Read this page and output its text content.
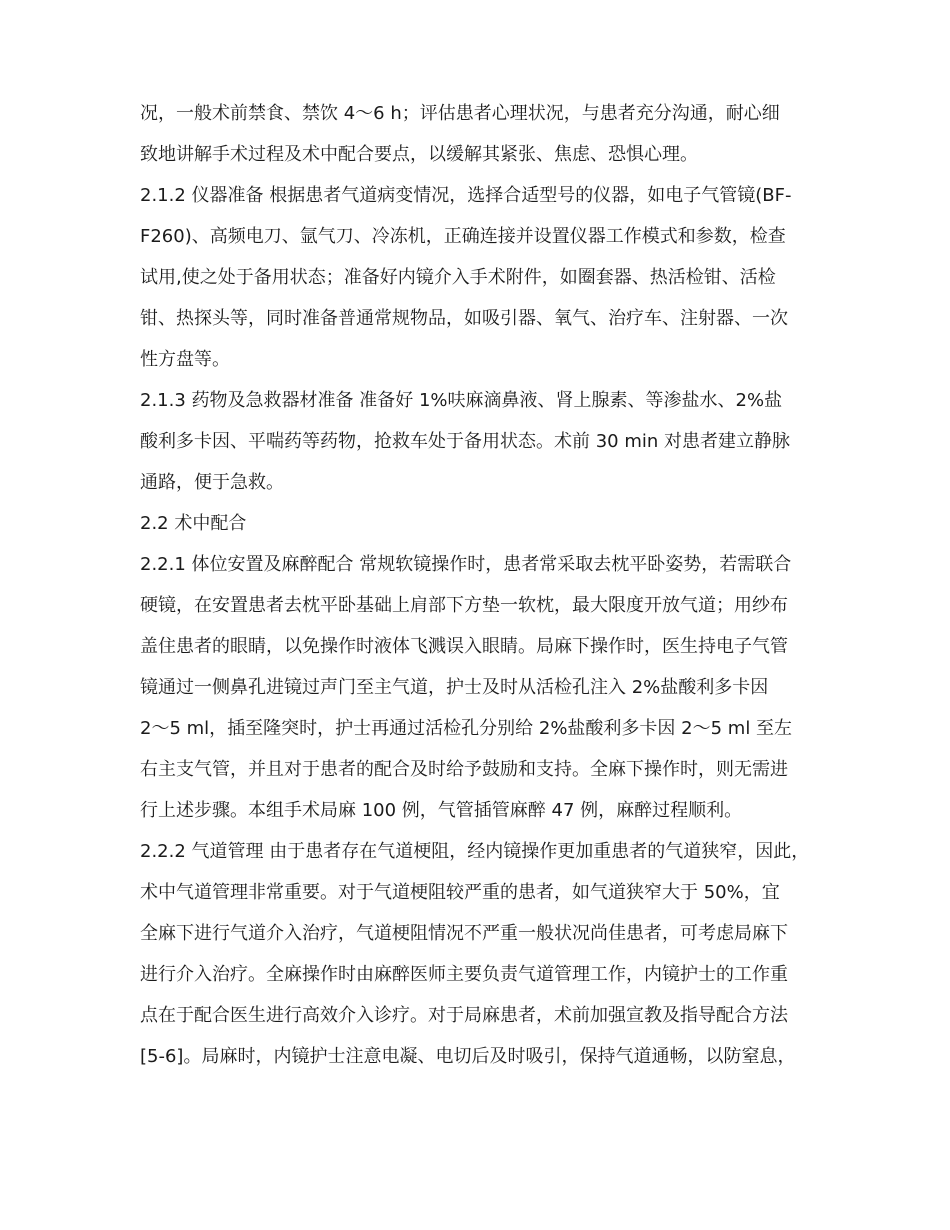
况，一般术前禁食、禁饮 4～6 h；评估患者心理状况，与患者充分沟通，耐心细
致地讲解手术过程及术中配合要点，以缓解其紧张、焦虑、恐惧心理。
2.1.2 仪器准备 根据患者气道病变情况，选择合适型号的仪器，如电子气管镜(BF-
F260)、高频电刀、氩气刀、冷冻机，正确连接并设置仪器工作模式和参数，检查
试用,使之处于备用状态；准备好内镜介入手术附件，如圈套器、热活检钳、活检
钳、热探头等，同时准备普通常规物品，如吸引器、氧气、治疗车、注射器、一次
性方盘等。
2.1.3 药物及急救器材准备 准备好 1%呋麻滴鼻液、肾上腺素、等渗盐水、2%盐
酸利多卡因、平喘药等药物，抢救车处于备用状态。术前 30 min 对患者建立静脉
通路，便于急救。
2.2 术中配合
2.2.1 体位安置及麻醉配合 常规软镜操作时，患者常采取去枕平卧姿势，若需联合
硬镜，在安置患者去枕平卧基础上肩部下方垫一软枕，最大限度开放气道；用纱布
盖住患者的眼睛，以免操作时液体飞溅误入眼睛。局麻下操作时，医生持电子气管
镜通过一侧鼻孔进镜过声门至主气道，护士及时从活检孔注入 2%盐酸利多卡因
2～5 ml，插至隆突时，护士再通过活检孔分别给 2%盐酸利多卡因 2～5 ml 至左
右主支气管，并且对于患者的配合及时给予鼓励和支持。全麻下操作时，则无需进
行上述步骤。本组手术局麻 100 例，气管插管麻醉 47 例，麻醉过程顺利。
2.2.2 气道管理 由于患者存在气道梗阻，经内镜操作更加重患者的气道狭窄，因此，
术中气道管理非常重要。对于气道梗阻较严重的患者，如气道狭窄大于 50%，宜
全麻下进行气道介入治疗，气道梗阻情况不严重一般状况尚佳患者，可考虑局麻下
进行介入治疗。全麻操作时由麻醉医师主要负责气道管理工作，内镜护士的工作重
点在于配合医生进行高效介入诊疗。对于局麻患者，术前加强宣教及指导配合方法
[5-6]。局麻时，内镜护士注意电凝、电切后及时吸引，保持气道通畅，以防窒息，
